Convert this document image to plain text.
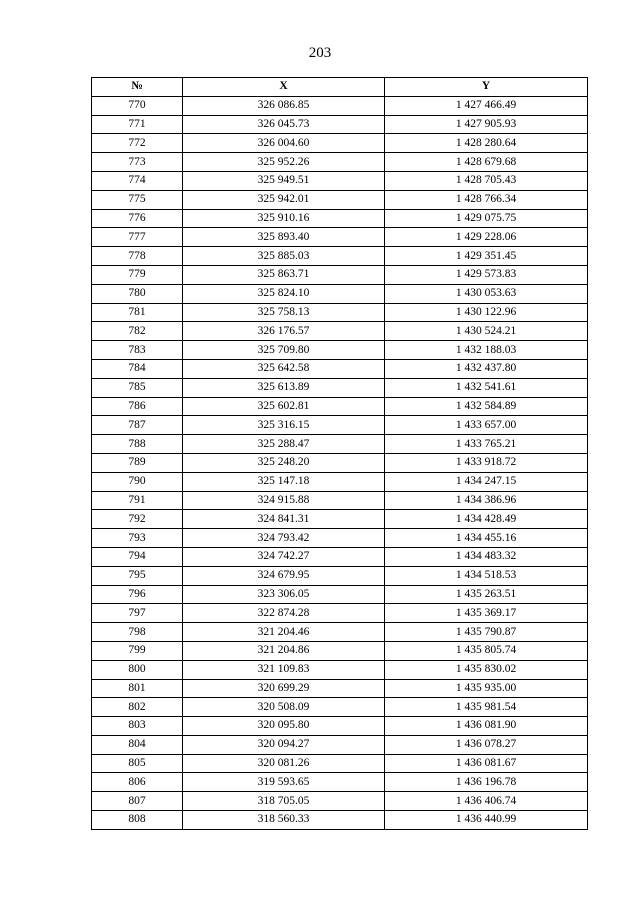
203
№	X	Y
770	326 086.85	1 427 466.49
771	326 045.73	1 427 905.93
772	326 004.60	1 428 280.64
773	325 952.26	1 428 679.68
774	325 949.51	1 428 705.43
775	325 942.01	1 428 766.34
776	325 910.16	1 429 075.75
777	325 893.40	1 429 228.06
778	325 885.03	1 429 351.45
779	325 863.71	1 429 573.83
780	325 824.10	1 430 053.63
781	325 758.13	1 430 122.96
782	326 176.57	1 430 524.21
783	325 709.80	1 432 188.03
784	325 642.58	1 432 437.80
785	325 613.89	1 432 541.61
786	325 602.81	1 432 584.89
787	325 316.15	1 433 657.00
788	325 288.47	1 433 765.21
789	325 248.20	1 433 918.72
790	325 147.18	1 434 247.15
791	324 915.88	1 434 386.96
792	324 841.31	1 434 428.49
793	324 793.42	1 434 455.16
794	324 742.27	1 434 483.32
795	324 679.95	1 434 518.53
796	323 306.05	1 435 263.51
797	322 874.28	1 435 369.17
798	321 204.46	1 435 790.87
799	321 204.86	1 435 805.74
800	321 109.83	1 435 830.02
801	320 699.29	1 435 935.00
802	320 508.09	1 435 981.54
803	320 095.80	1 436 081.90
804	320 094.27	1 436 078.27
805	320 081.26	1 436 081.67
806	319 593.65	1 436 196.78
807	318 705.05	1 436 406.74
808	318 560.33	1 436 440.99
